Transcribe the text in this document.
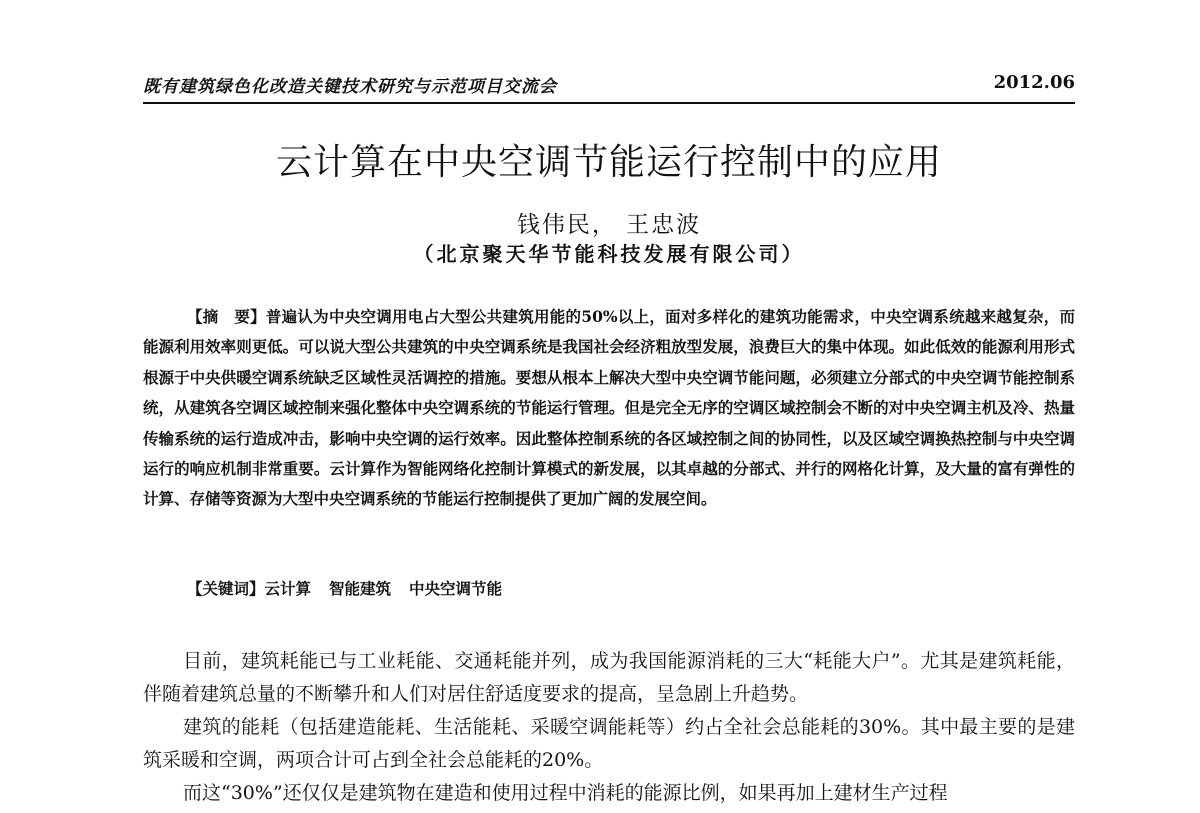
既有建筑绿色化改造关键技术研究与示范项目交流会	2012.06
云计算在中央空调节能运行控制中的应用
钱伟民， 王忠波
（北京聚天华节能科技发展有限公司）
【摘　要】普遍认为中央空调用电占大型公共建筑用能的50%以上，面对多样化的建筑功能需求，中央空调系统越来越复杂，而能源利用效率则更低。可以说大型公共建筑的中央空调系统是我国社会经济粗放型发展，浪费巨大的集中体现。如此低效的能源利用形式根源于中央供暖空调系统缺乏区域性灵活调控的措施。要想从根本上解决大型中央空调节能问题，必须建立分部式的中央空调节能控制系统，从建筑各空调区域控制来强化整体中央空调系统的节能运行管理。但是完全无序的空调区域控制会不断的对中央空调主机及冷、热量传输系统的运行造成冲击，影响中央空调的运行效率。因此整体控制系统的各区域控制之间的协同性，以及区域空调换热控制与中央空调运行的响应机制非常重要。云计算作为智能网络化控制计算模式的新发展，以其卓越的分部式、并行的网格化计算，及大量的富有弹性的计算、存储等资源为大型中央空调系统的节能运行控制提供了更加广阔的发展空间。
【关键词】云计算 智能建筑 中央空调节能

目前，建筑耗能已与工业耗能、交通耗能并列，成为我国能源消耗的三大“耗能大户”。尤其是建筑耗能，伴随着建筑总量的不断攀升和人们对居住舒适度要求的提高，呈急剧上升趋势。

建筑的能耗（包括建造能耗、生活能耗、采暖空调能耗等）约占全社会总能耗的30%。其中最主要的是建筑采暖和空调，两项合计可占到全社会总能耗的20%。

而这“30%”还仅仅是建筑物在建造和使用过程中消耗的能源比例，如果再加上建材生产过程
